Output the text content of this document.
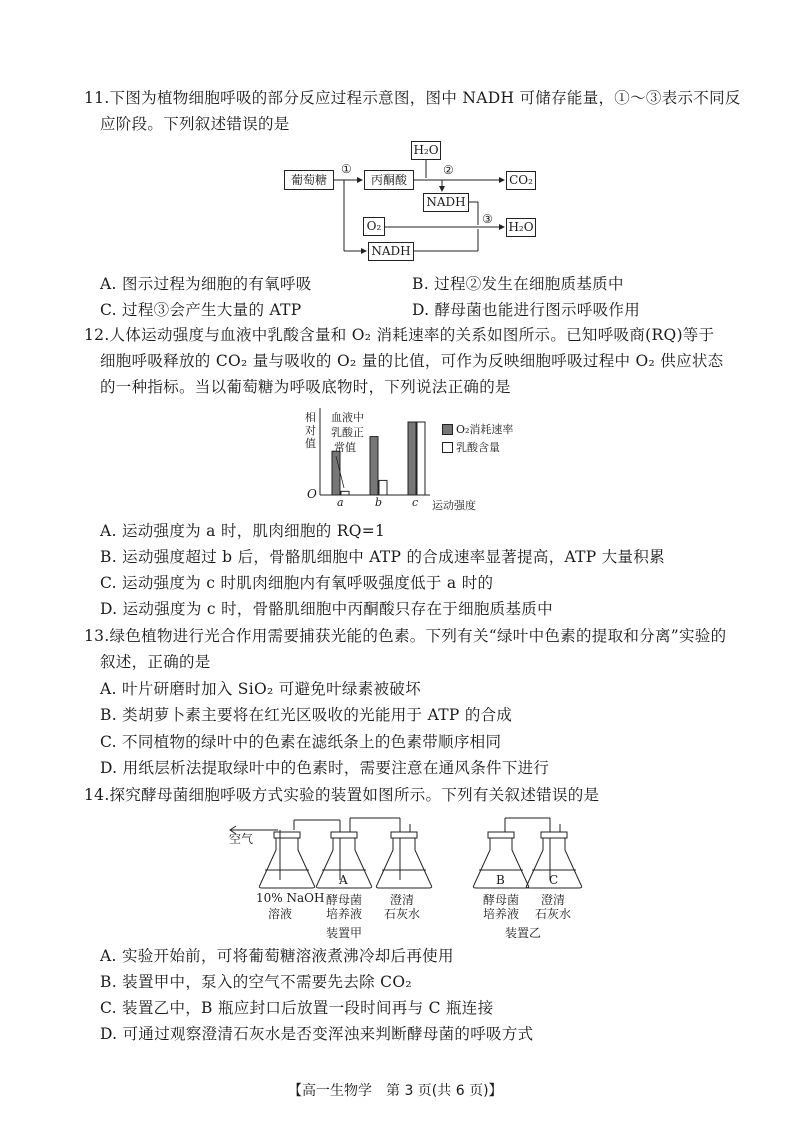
11.下图为植物细胞呼吸的部分反应过程示意图，图中 NADH 可储存能量，①～③表示不同反
应阶段。下列叙述错误的是
葡萄糖	丙酮酸
H₂O
CO₂
NADH
O₂
NADH
H₂O
①	②
③
A. 图示过程为细胞的有氧呼吸	B. 过程②发生在细胞质基质中
C. 过程③会产生大量的 ATP	D. 酵母菌也能进行图示呼吸作用
12.人体运动强度与血液中乳酸含量和 O₂ 消耗速率的关系如图所示。已知呼吸商(RQ)等于
细胞呼吸释放的 CO₂ 量与吸收的 O₂ 量的比值，可作为反映细胞呼吸过程中 O₂ 供应状态
的一种指标。当以葡萄糖为呼吸底物时，下列说法正确的是
相
对
值
血液中
乳酸正
常值
O
a	b	c 运动强度
O₂消耗速率
乳酸含量
A. 运动强度为 a 时，肌肉细胞的 RQ=1
B. 运动强度超过 b 后，骨骼肌细胞中 ATP 的合成速率显著提高，ATP 大量积累
C. 运动强度为 c 时肌肉细胞内有氧呼吸强度低于 a 时的
D. 运动强度为 c 时，骨骼肌细胞中丙酮酸只存在于细胞质基质中
13.绿色植物进行光合作用需要捕获光能的色素。下列有关“绿叶中色素的提取和分离”实验的
叙述，正确的是
A. 叶片研磨时加入 SiO₂ 可避免叶绿素被破坏
B. 类胡萝卜素主要将在红光区吸收的光能用于 ATP 的合成
C. 不同植物的绿叶中的色素在滤纸条上的色素带顺序相同
D. 用纸层析法提取绿叶中的色素时，需要注意在通风条件下进行
14.探究酵母菌细胞呼吸方式实验的装置如图所示。下列有关叙述错误的是
空气
10% NaOH
溶液
A
酵母菌
培养液
澄清
石灰水
装置甲
B
酵母菌
培养液
C
澄清
石灰水
装置乙
A. 实验开始前，可将葡萄糖溶液煮沸冷却后再使用
B. 装置甲中，泵入的空气不需要先去除 CO₂
C. 装置乙中，B 瓶应封口后放置一段时间再与 C 瓶连接
D. 可通过观察澄清石灰水是否变浑浊来判断酵母菌的呼吸方式
【高一生物学　第 3 页(共 6 页)】
